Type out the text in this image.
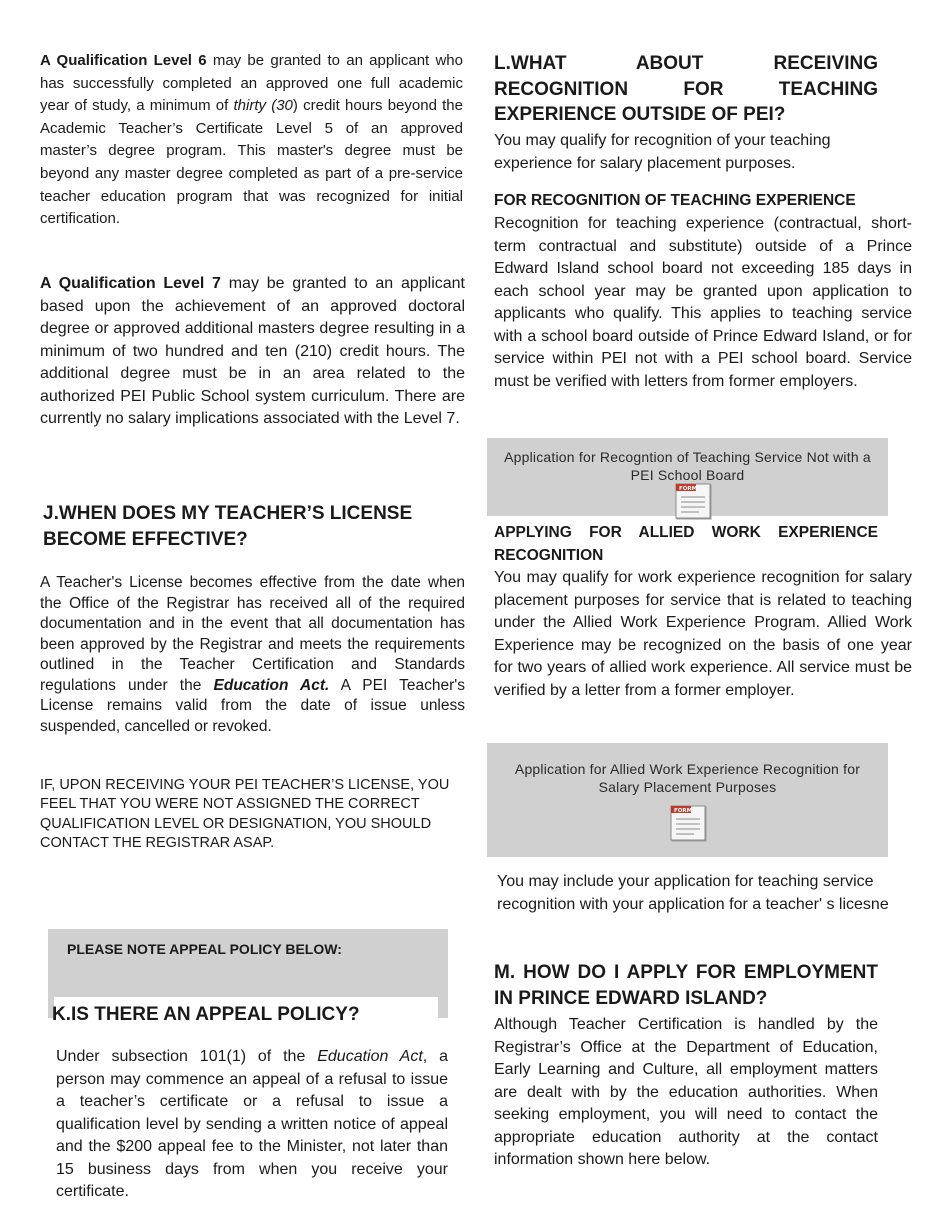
A Qualification Level 6 may be granted to an applicant who has successfully completed an approved one full academic year of study, a minimum of thirty (30) credit hours beyond the Academic Teacher’s Certificate Level 5 of an approved master’s degree program. This master's degree must be beyond any master degree completed as part of a pre-service teacher education program that was recognized for initial certification.

A Qualification Level 7 may be granted to an applicant based upon the achievement of an approved doctoral degree or approved additional masters degree resulting in a minimum of two hundred and ten (210) credit hours. The additional degree must be in an area related to the authorized PEI Public School system curriculum. There are currently no salary implications associated with the Level 7.

J.WHEN DOES MY TEACHER’S LICENSE BECOME EFFECTIVE?

A Teacher's License becomes effective from the date when the Office of the Registrar has received all of the required documentation and in the event that all documentation has been approved by the Registrar and meets the requirements outlined in the Teacher Certification and Standards regulations under the Education Act. A PEI Teacher's License remains valid from the date of issue unless suspended, cancelled or revoked.

IF, UPON RECEIVING YOUR PEI TEACHER’S LICENSE, YOU FEEL THAT YOU WERE NOT ASSIGNED THE CORRECT QUALIFICATION LEVEL OR DESIGNATION, YOU SHOULD CONTACT THE REGISTRAR ASAP.

PLEASE NOTE APPEAL POLICY BELOW:
K.IS THERE AN APPEAL POLICY?

Under subsection 101(1) of the Education Act, a person may commence an appeal of a refusal to issue a teacher’s certificate or a refusal to issue a qualification level by sending a written notice of appeal and the $200 appeal fee to the Minister, not later than 15 business days from when you receive your certificate.

L.WHAT ABOUT RECEIVING RECOGNITION FOR TEACHING EXPERIENCE OUTSIDE OF PEI?

You may qualify for recognition of your teaching experience for salary placement purposes.

FOR RECOGNITION OF TEACHING EXPERIENCE

Recognition for teaching experience (contractual, short-term contractual and substitute) outside of a Prince Edward Island school board not exceeding 185 days in each school year may be granted upon application to applicants who qualify. This applies to teaching service with a school board outside of Prince Edward Island, or for service within PEI not with a PEI school board. Service must be verified with letters from former employers.

Application for Recogntion of Teaching Service Not with a PEI School Board
FORM
APPLYING FOR ALLIED WORK EXPERIENCE RECOGNITION

You may qualify for work experience recognition for salary placement purposes for service that is related to teaching under the Allied Work Experience Program. Allied Work Experience may be recognized on the basis of one year for two years of allied work experience. All service must be verified by a letter from a former employer.

Application for Allied Work Experience Recognition for Salary Placement Purposes
FORM

You may include your application for teaching service recognition with your application for a teacher' s licesne

M. HOW DO I APPLY FOR EMPLOYMENT IN PRINCE EDWARD ISLAND?

Although Teacher Certification is handled by the Registrar’s Office at the Department of Education, Early Learning and Culture, all employment matters are dealt with by the education authorities. When seeking employment, you will need to contact the appropriate education authority at the contact information shown here below.
